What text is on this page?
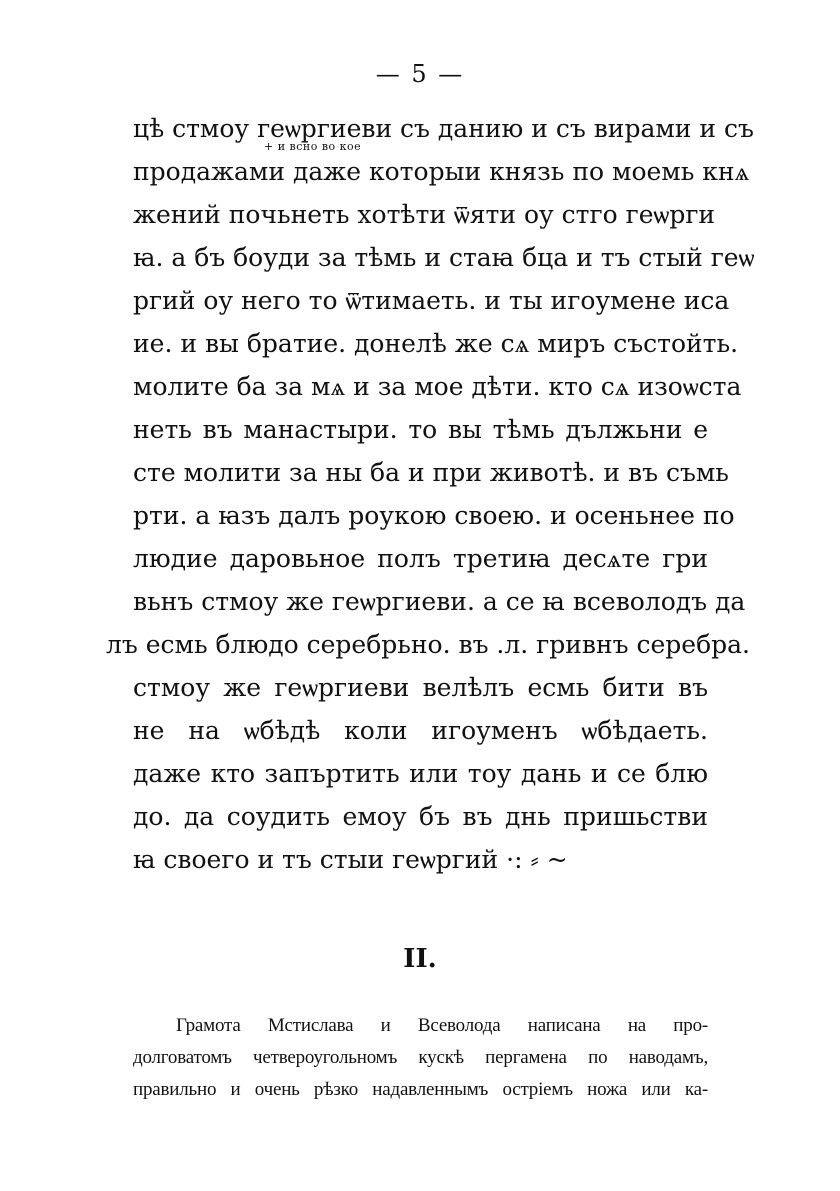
— 5 —
+ и всно во кое
цѣ стмоу геѡргиеви съ данию и съ вирами и съ
продажами даже которыи князь по моемь кнѧ
жений почьнеть хотѣти ѿяти оу стго геѡрги
ꙗ. а бъ боуди за тѣмь и стаꙗ бца и тъ стый геѡ
ргий оу него то ѿтимаеть. и ты игоумене иса
ие. и вы братие. донелѣ же сѧ миръ състойть.
молите ба за мѧ и за мое дѣти. кто сѧ изоѡста
неть въ манастыри. то вы тѣмь дължьни е
сте молити за ны ба и при животѣ. и въ съмь
рти. а ꙗзъ далъ роукою своею. и осеньнее по
людие даровьное полъ третиꙗ десѧте гри
вьнъ стмоу же геѡргиеви. а се ꙗ всеволодъ да
лъ есмь блюдо серебрьно. въ .л. гривнъ серебра.
стмоу же геѡргиеви велѣлъ есмь бити въ
не на ѡбѣдѣ коли игоуменъ ѡбѣдаеть.
даже кто запъртить или тоу дань и се блю
до. да соудить емоу бъ въ днь пришьстви
ꙗ своего и тъ стыи геѡргий ·: ⸗ ~
II.
Грамота Мстислава и Всеволода написана на про-
долговатомъ четвероугольномъ кускѣ пергамена по наводамъ,
правильно и очень рѣзко надавленнымъ остріемъ ножа или ка-
